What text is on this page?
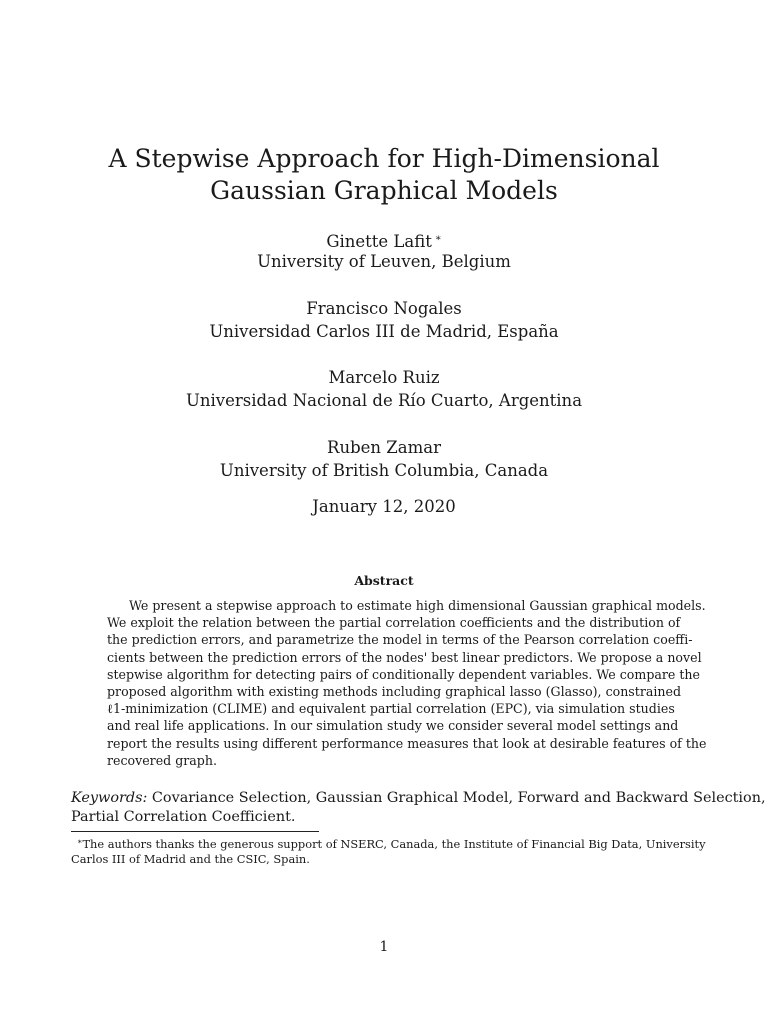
A Stepwise Approach for High-Dimensional
Gaussian Graphical Models
Ginette Lafit ∗
University of Leuven, Belgium
Francisco Nogales
Universidad Carlos III de Madrid, España
Marcelo Ruiz
Universidad Nacional de Río Cuarto, Argentina
Ruben Zamar
University of British Columbia, Canada
January 12, 2020
Abstract
We present a stepwise approach to estimate high dimensional Gaussian graphical models.
We exploit the relation between the partial correlation coefficients and the distribution of
the prediction errors, and parametrize the model in terms of the Pearson correlation coeffi-
cients between the prediction errors of the nodes' best linear predictors. We propose a novel
stepwise algorithm for detecting pairs of conditionally dependent variables. We compare the
proposed algorithm with existing methods including graphical lasso (Glasso), constrained
ℓ1-minimization (CLIME) and equivalent partial correlation (EPC), via simulation studies
and real life applications. In our simulation study we consider several model settings and
report the results using different performance measures that look at desirable features of the
recovered graph.
Keywords: Covariance Selection, Gaussian Graphical Model, Forward and Backward Selection,
Partial Correlation Coefficient.
∗The authors thanks the generous support of NSERC, Canada, the Institute of Financial Big Data, University
Carlos III of Madrid and the CSIC, Spain.
1
